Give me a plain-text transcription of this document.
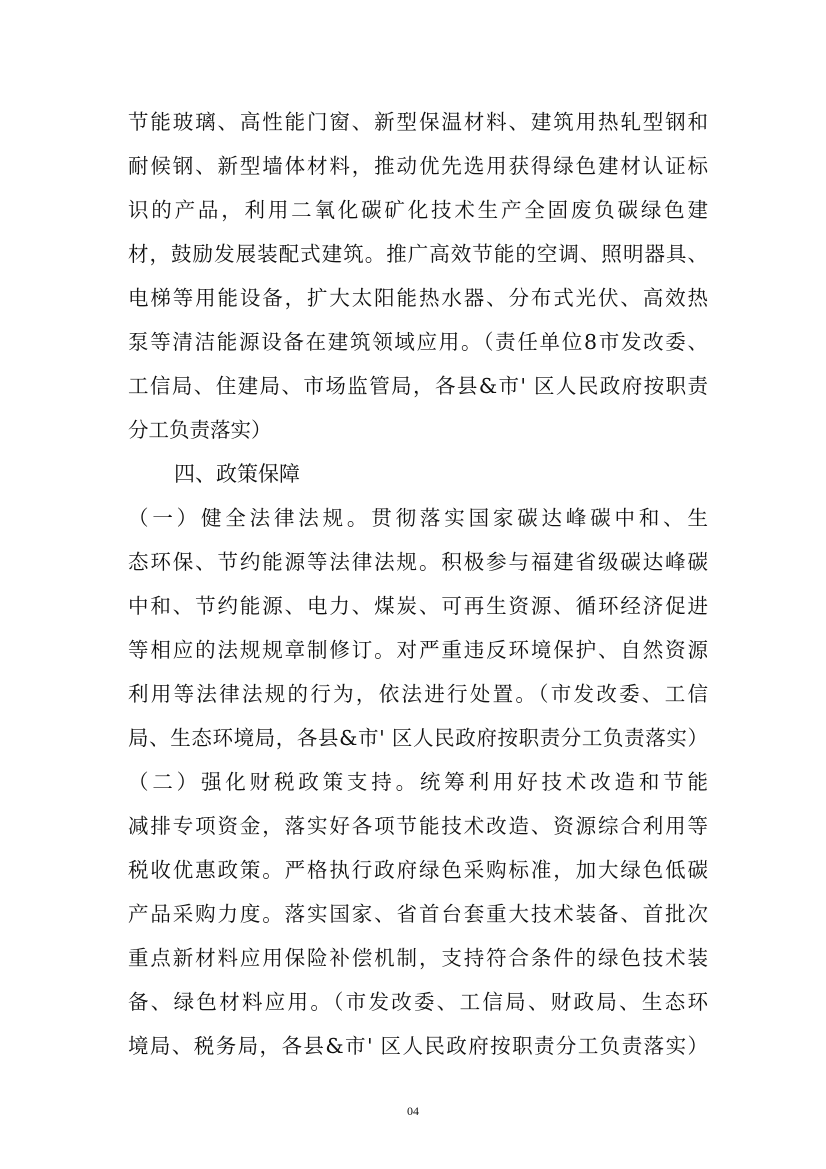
节能玻璃、高性能门窗、新型保温材料、建筑用热轧型钢和
耐候钢、新型墙体材料，推动优先选用获得绿色建材认证标
识的产品，利用二氧化碳矿化技术生产全固废负碳绿色建
材，鼓励发展装配式建筑。推广高效节能的空调、照明器具、
电梯等用能设备，扩大太阳能热水器、分布式光伏、高效热
泵等清洁能源设备在建筑领域应用。（责任单位8市发改委、
工信局、住建局、市场监管局，各县&市' 区人民政府按职责
分工负责落实）
四、政策保障
（一）健全法律法规。贯彻落实国家碳达峰碳中和、生
态环保、节约能源等法律法规。积极参与福建省级碳达峰碳
中和、节约能源、电力、煤炭、可再生资源、循环经济促进
等相应的法规规章制修订。对严重违反环境保护、自然资源
利用等法律法规的行为，依法进行处置。（市发改委、工信
局、生态环境局，各县&市' 区人民政府按职责分工负责落实）
（二）强化财税政策支持。统筹利用好技术改造和节能
减排专项资金，落实好各项节能技术改造、资源综合利用等
税收优惠政策。严格执行政府绿色采购标准，加大绿色低碳
产品采购力度。落实国家、省首台套重大技术装备、首批次
重点新材料应用保险补偿机制，支持符合条件的绿色技术装
备、绿色材料应用。（市发改委、工信局、财政局、生态环
境局、税务局，各县&市' 区人民政府按职责分工负责落实）
04
